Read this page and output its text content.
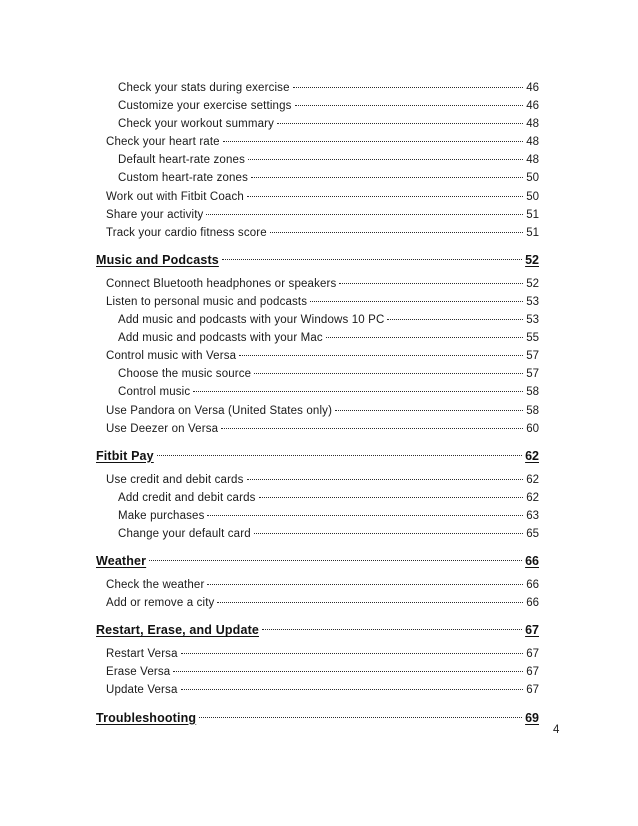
Check your stats during exercise	46
Customize your exercise settings	46
Check your workout summary	48
Check your heart rate	48
Default heart-rate zones	48
Custom heart-rate zones	50
Work out with Fitbit Coach	50
Share your activity	51
Track your cardio fitness score	51
Music and Podcasts	52
Connect Bluetooth headphones or speakers	52
Listen to personal music and podcasts	53
Add music and podcasts with your Windows 10 PC	53
Add music and podcasts with your Mac	55
Control music with Versa	57
Choose the music source	57
Control music	58
Use Pandora on Versa (United States only)	58
Use Deezer on Versa	60
Fitbit Pay	62
Use credit and debit cards	62
Add credit and debit cards	62
Make purchases	63
Change your default card	65
Weather	66
Check the weather	66
Add or remove a city	66
Restart, Erase, and Update	67
Restart Versa	67
Erase Versa	67
Update Versa	67
Troubleshooting	69
4
